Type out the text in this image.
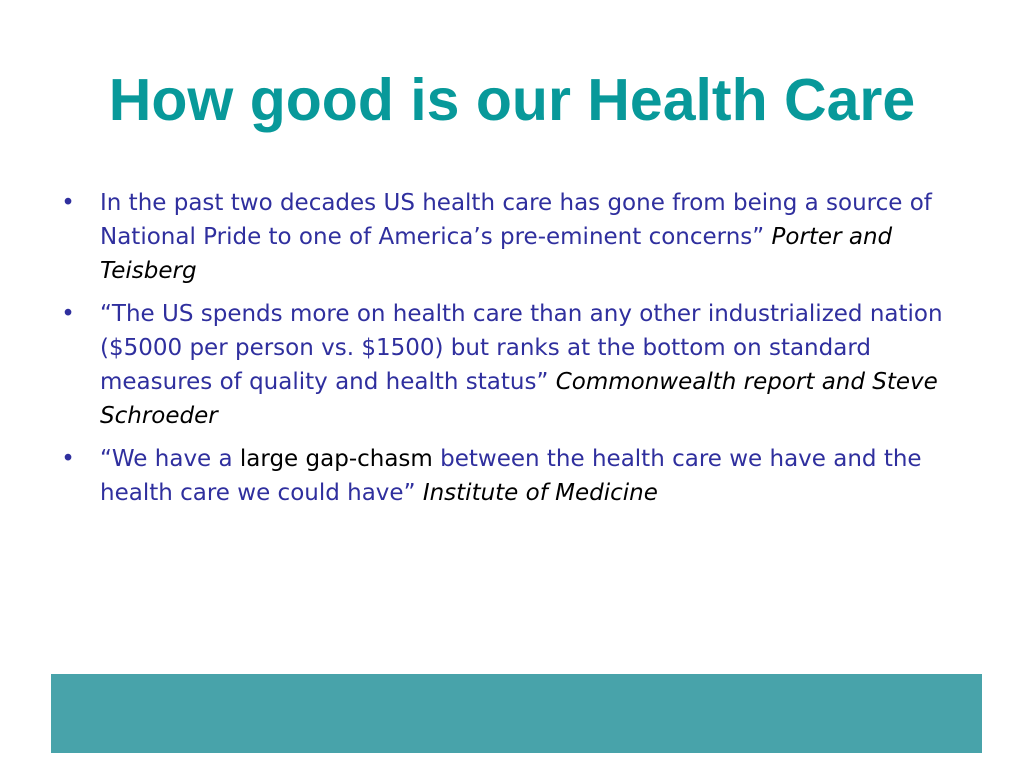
How good is our Health Care
• In the past two decades US health care has gone from being a source of National Pride to one of America’s pre-eminent concerns” Porter and Teisberg
• “The US spends more on health care than any other industrialized nation ($5000 per person vs. $1500) but ranks at the bottom on standard measures of quality and health status” Commonwealth report and Steve Schroeder
• “We have a large gap-chasm between the health care we have and the health care we could have” Institute of Medicine
